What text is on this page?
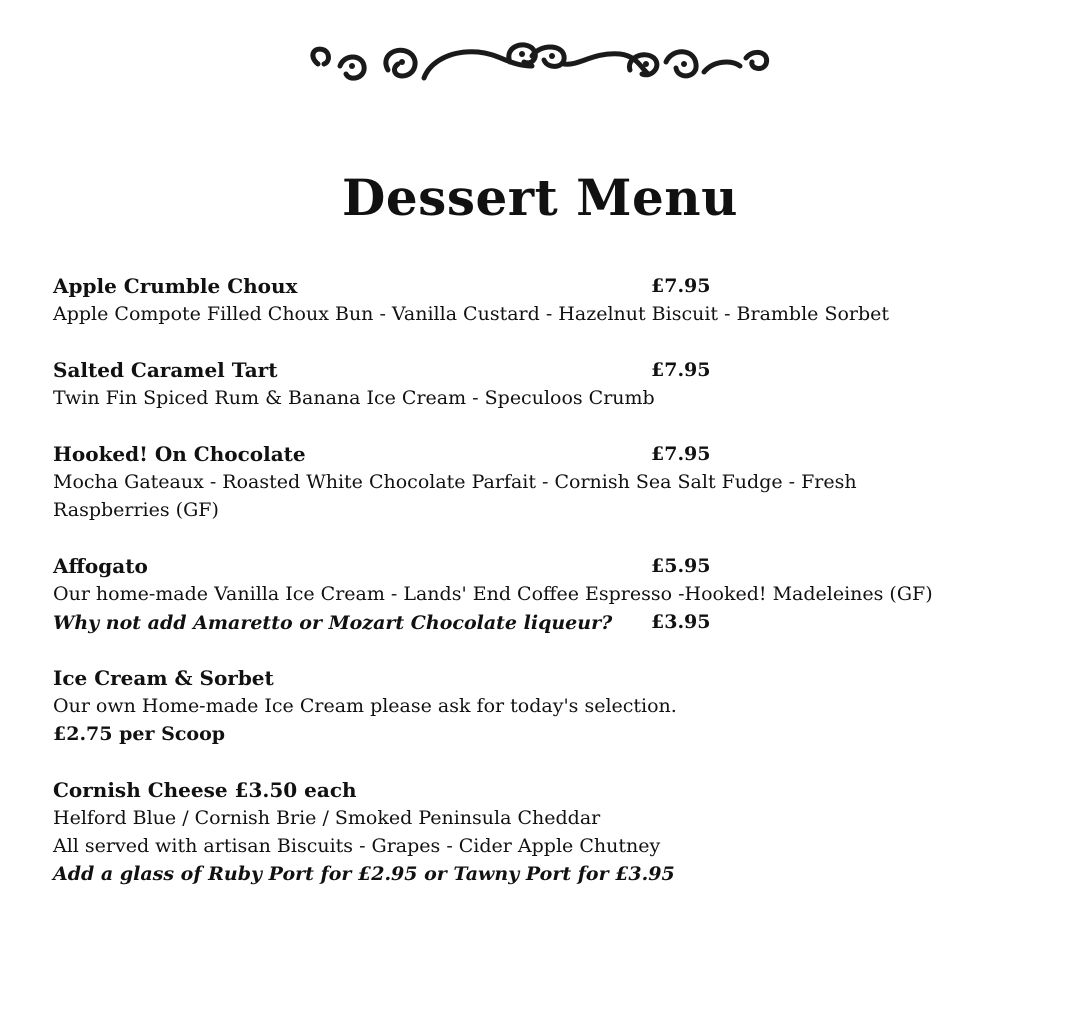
Dessert Menu
Apple Crumble Choux	£7.95
Apple Compote Filled Choux Bun - Vanilla Custard - Hazelnut Biscuit - Bramble Sorbet
Salted Caramel Tart	£7.95
Twin Fin Spiced Rum & Banana Ice Cream - Speculoos Crumb
Hooked! On Chocolate	£7.95
Mocha Gateaux - Roasted White Chocolate Parfait - Cornish Sea Salt Fudge - Fresh Raspberries (GF)
Affogato	£5.95
Our home-made Vanilla Ice Cream - Lands' End Coffee Espresso -Hooked! Madeleines (GF)
Why not add Amaretto or Mozart Chocolate liqueur? £3.95
Ice Cream & Sorbet
Our own Home-made Ice Cream please ask for today's selection.
£2.75 per Scoop
Cornish Cheese £3.50 each
Helford Blue / Cornish Brie / Smoked Peninsula Cheddar
All served with artisan Biscuits - Grapes - Cider Apple Chutney
Add a glass of Ruby Port for £2.95 or Tawny Port for £3.95
